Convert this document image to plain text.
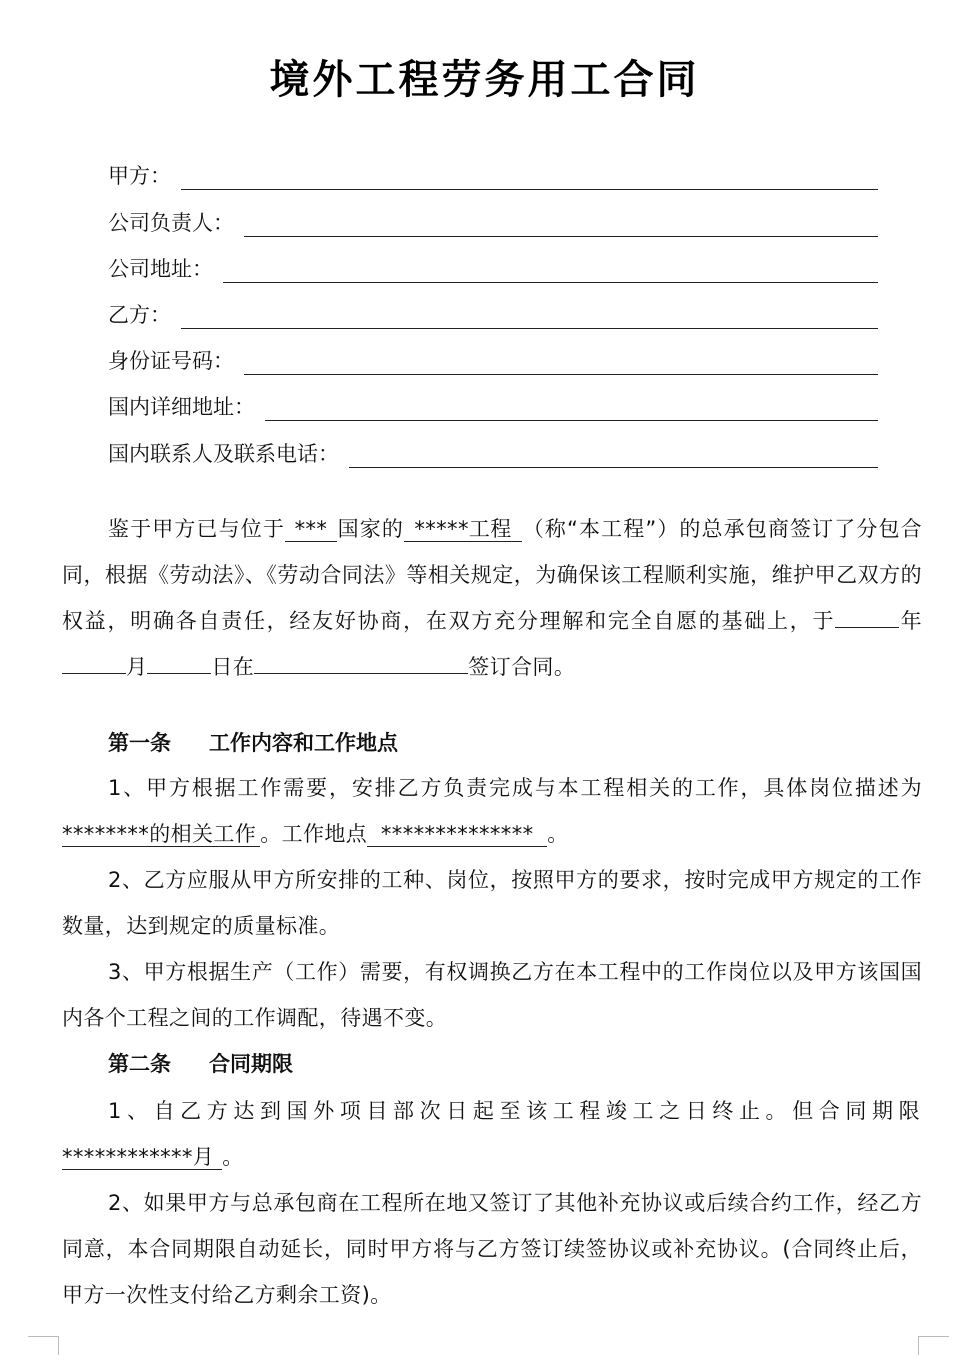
境外工程劳务用工合同
甲方：
公司负责人：
公司地址：
乙方：
身份证号码：
国内详细地址：
国内联系人及联系电话：
鉴于甲方已与位于 *** 国家的 *****工程 （称“本工程”）的总承包商签订了分包合同，根据《劳动法》、《劳动合同法》等相关规定，为确保该工程顺利实施，维护甲乙双方的权益，明确各自责任，经友好协商，在双方充分理解和完全自愿的基础上，于	年月	日在	签订合同。
第一条 工作内容和工作地点
1、甲方根据工作需要，安排乙方负责完成与本工程相关的工作，具体岗位描述为********的相关工作 。工作地点 ************** 。
2、乙方应服从甲方所安排的工种、岗位，按照甲方的要求，按时完成甲方规定的工作数量，达到规定的质量标准。
3、甲方根据生产（工作）需要，有权调换乙方在本工程中的工作岗位以及甲方该国国内各个工程之间的工作调配，待遇不变。
第二条 合同期限
1、自乙方达到国外项目部次日起至该工程竣工之日终止。但合同期限************月 。
2、如果甲方与总承包商在工程所在地又签订了其他补充协议或后续合约工作，经乙方同意，本合同期限自动延长，同时甲方将与乙方签订续签协议或补充协议。(合同终止后，甲方一次性支付给乙方剩余工资)。
